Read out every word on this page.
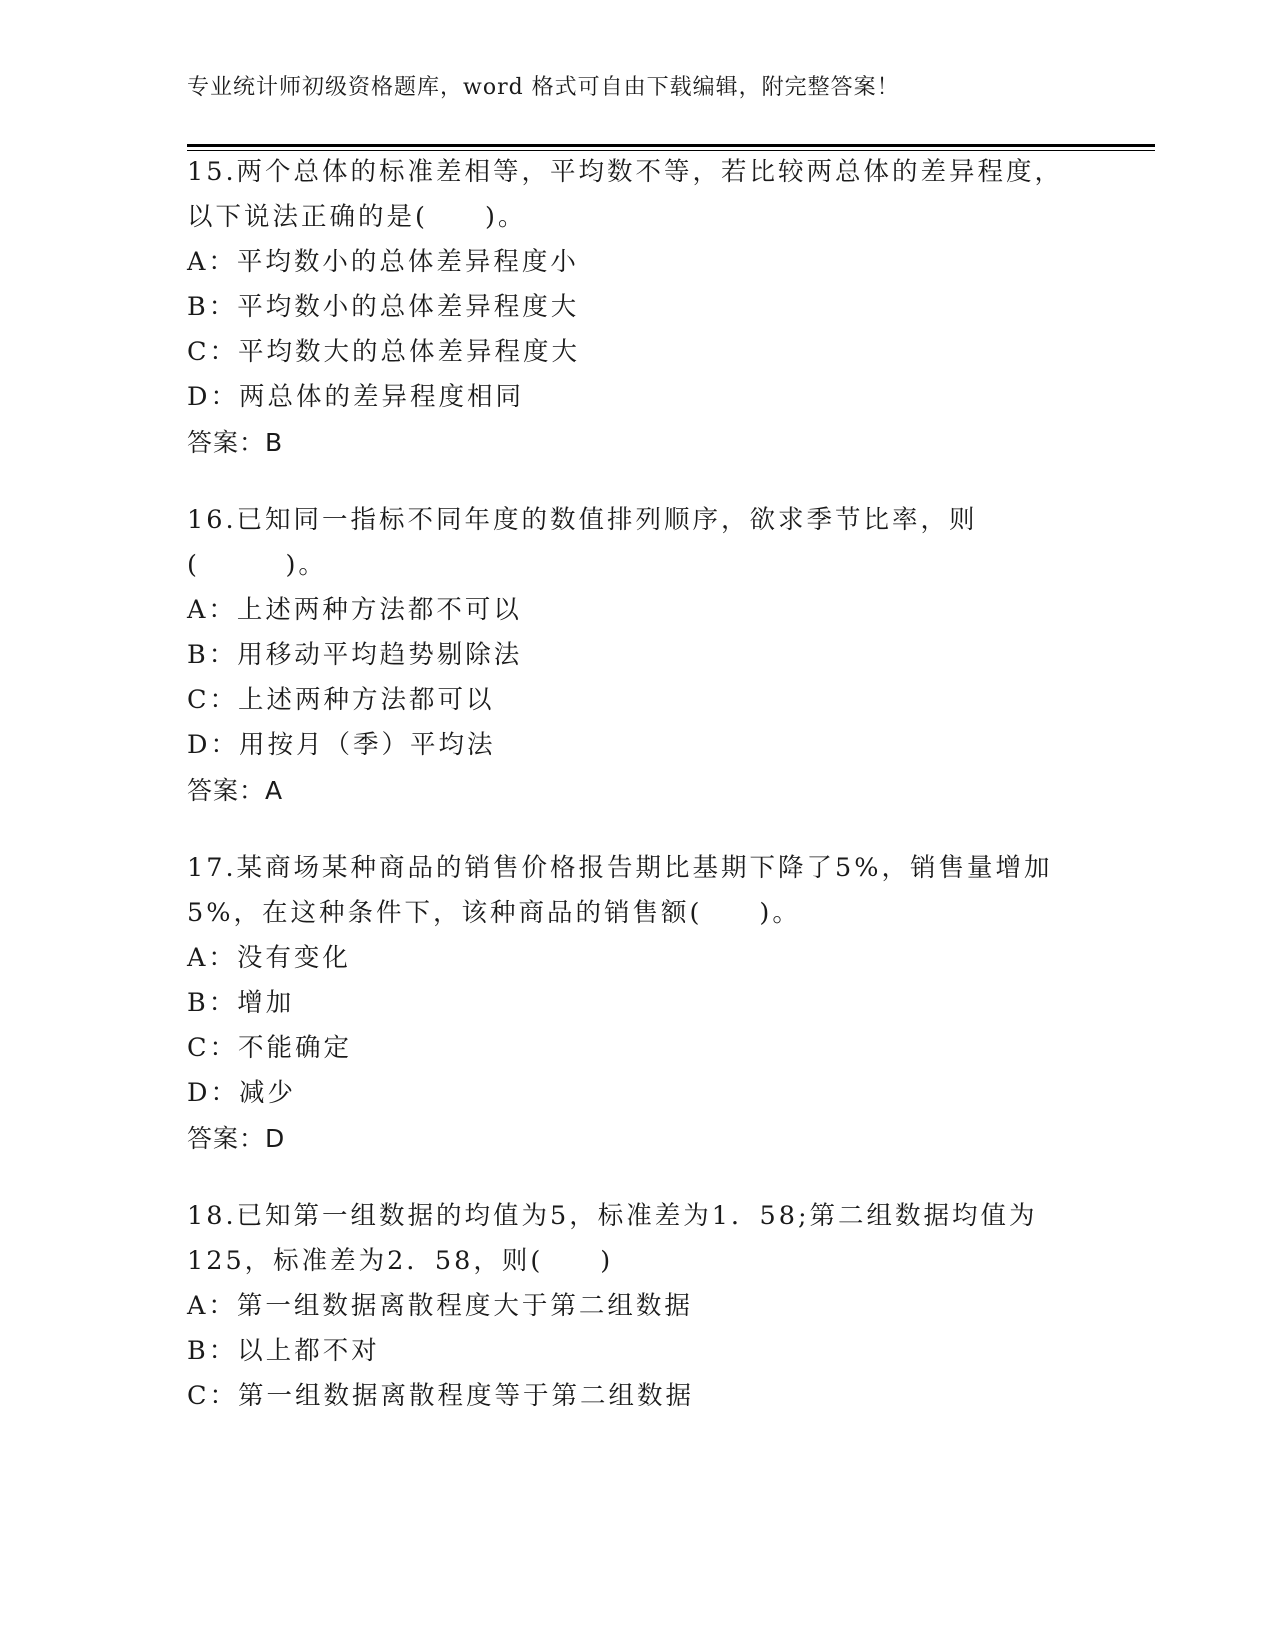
专业统计师初级资格题库，word 格式可自由下载编辑，附完整答案！

15.两个总体的标准差相等，平均数不等，若比较两总体的差异程度，以下说法正确的是(　　)。

A：平均数小的总体差异程度小
B：平均数小的总体差异程度大
C：平均数大的总体差异程度大
D：两总体的差异程度相同
答案：B

16.已知同一指标不同年度的数值排列顺序，欲求季节比率，则(　　　)。

A：上述两种方法都不可以
B：用移动平均趋势剔除法
C：上述两种方法都可以
D：用按月（季）平均法
答案：A

17.某商场某种商品的销售价格报告期比基期下降了5%，销售量增加5%，在这种条件下，该种商品的销售额(　　)。

A：没有变化
B：增加
C：不能确定
D：减少
答案：D

18.已知第一组数据的均值为5，标准差为1．58;第二组数据均值为125，标准差为2．58，则(　　)

A：第一组数据离散程度大于第二组数据
B：以上都不对
C：第一组数据离散程度等于第二组数据
